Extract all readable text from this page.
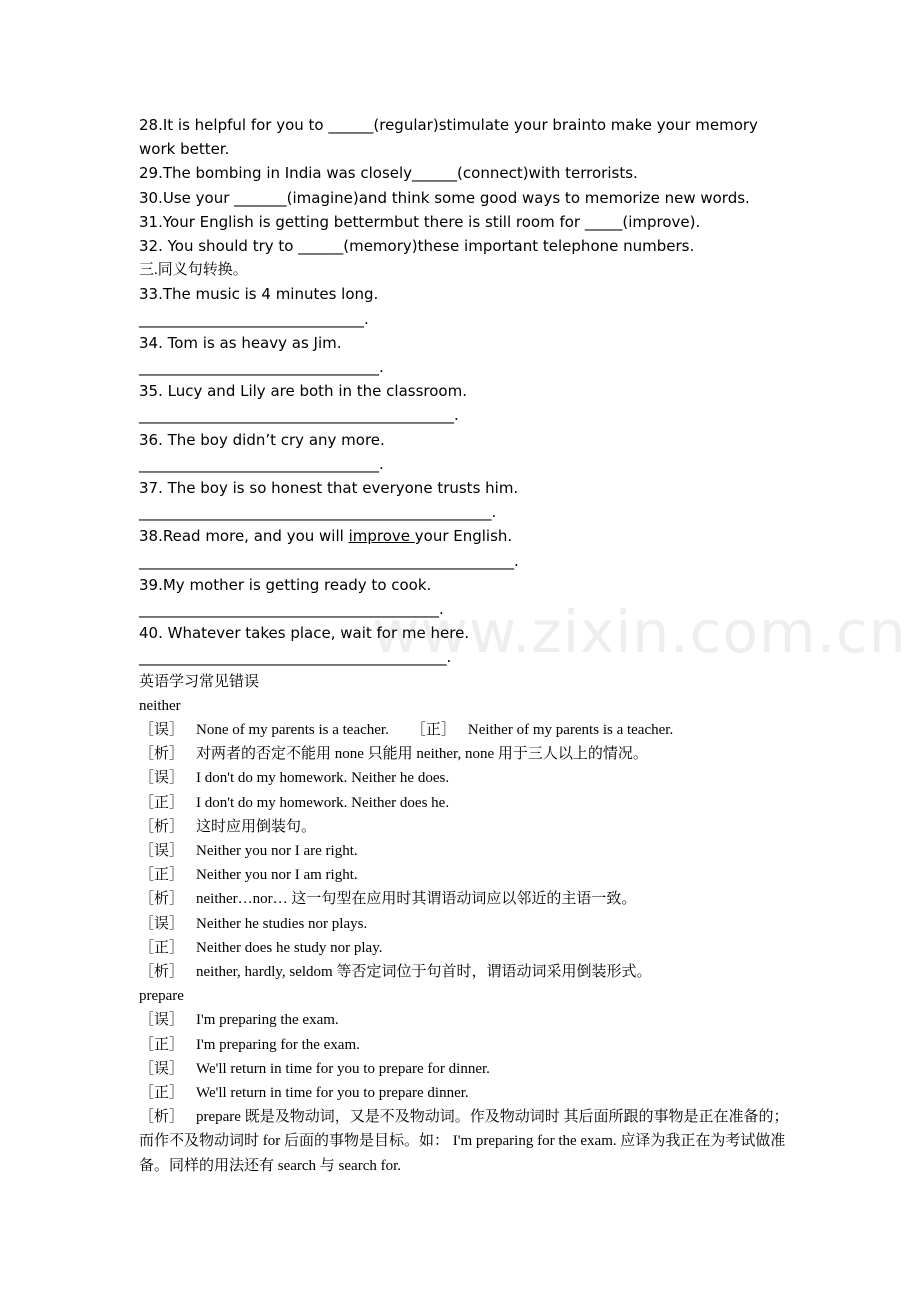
www.zixin.com.cn
28.It is helpful for you to ______(regular)stimulate your brainto make your memory work better.
29.The bombing in India was closely______(connect)with terrorists.
30.Use your _______(imagine)and think some good ways to memorize new words.
31.Your English is getting bettermbut there is still room for _____(improve).
32. You should try to ______(memory)these important telephone numbers.
三.同义句转换。
33.The music is 4 minutes long.
______________________________.
34. Tom is as heavy as Jim.
________________________________.
35. Lucy and Lily are both in the classroom.
__________________________________________.
36. The boy didn’t cry any more.
________________________________.
37. The boy is so honest that everyone trusts him.
_______________________________________________.
38.Read more, and you will improve your English.
__________________________________________________.
39.My mother is getting ready to cook.
________________________________________.
40. Whatever takes place, wait for me here.
_________________________________________.
英语学习常见错误
neither
［误］ None of my parents is a teacher. ［正］ Neither of my parents is a teacher.
［析］ 对两者的否定不能用 none 只能用 neither, none 用于三人以上的情况。
［误］ I don't do my homework. Neither he does.
［正］ I don't do my homework. Neither does he.
［析］ 这时应用倒装句。
［误］ Neither you nor I are right.
［正］ Neither you nor I am right.
［析］ neither…nor… 这一句型在应用时其谓语动词应以邻近的主语一致。
［误］ Neither he studies nor plays.
［正］ Neither does he study nor play.
［析］ neither, hardly, seldom 等否定词位于句首时，谓语动词采用倒装形式。
prepare
［误］ I'm preparing the exam.
［正］ I'm preparing for the exam.
［误］ We'll return in time for you to prepare for dinner.
［正］ We'll return in time for you to prepare dinner.
［析］ prepare 既是及物动词，又是不及物动词。作及物动词时 其后面所跟的事物是正在准备的；而作不及物动词时 for 后面的事物是目标。如： I'm preparing for the exam. 应译为我正在为考试做准备。同样的用法还有 search 与 search for.
